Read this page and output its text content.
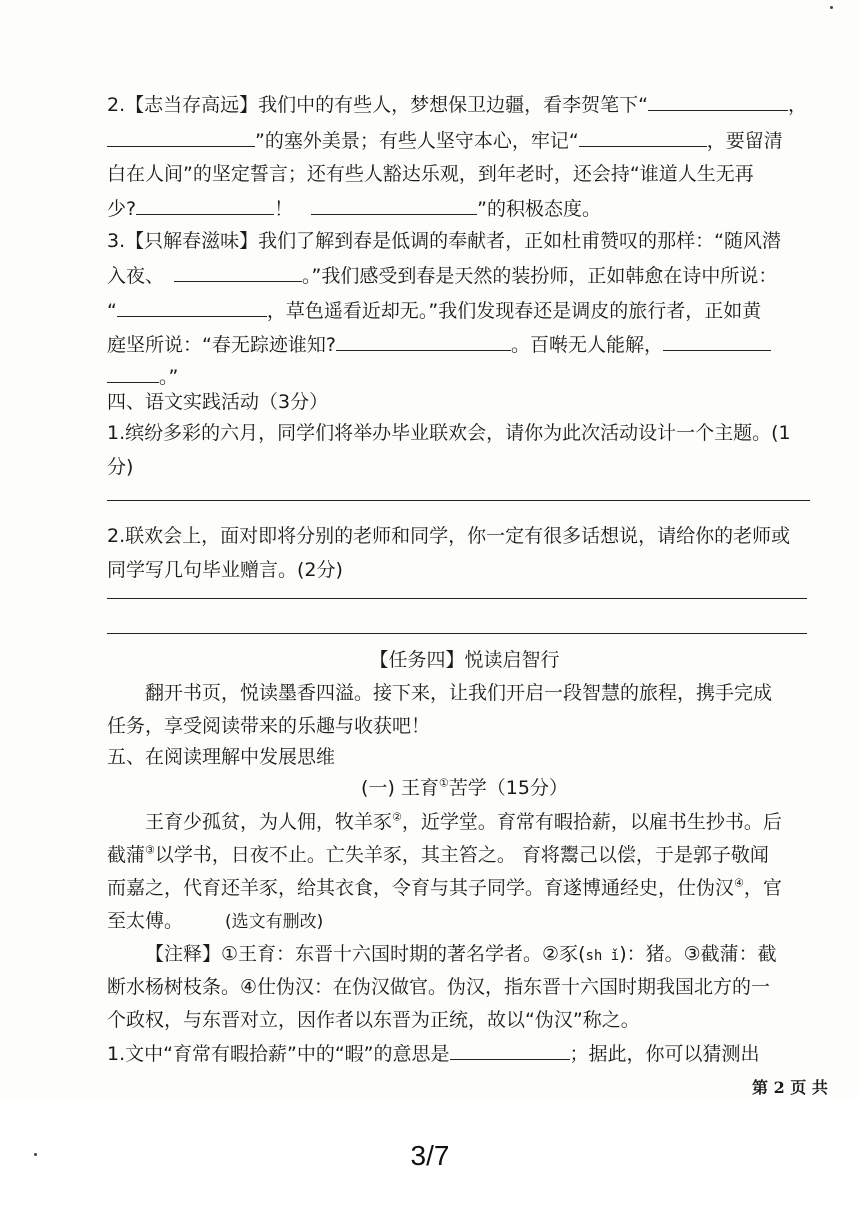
2.【志当存高远】我们中的有些人，梦想保卫边疆，看李贺笔下“	，
”的塞外美景；有些人坚守本心，牢记“	，要留清
白在人间”的坚定誓言；还有些人豁达乐观，到年老时，还会持“谁道人生无再
少?	！	”的积极态度。
3.【只解春滋味】我们了解到春是低调的奉献者，正如杜甫赞叹的那样：“随风潜
入夜、	。”我们感受到春是天然的装扮师，正如韩愈在诗中所说：
“	，草色遥看近却无。”我们发现春还是调皮的旅行者，正如黄
庭坚所说：“春无踪迹谁知?	。百啭无人能解，
。”
四、语文实践活动（3分）
1.缤纷多彩的六月，同学们将举办毕业联欢会，请你为此次活动设计一个主题。(1
分)
2.联欢会上，面对即将分别的老师和同学，你一定有很多话想说，请给你的老师或
同学写几句毕业赠言。(2分)
【任务四】悦读启智行
翻开书页，悦读墨香四溢。接下来，让我们开启一段智慧的旅程，携手完成
任务，享受阅读带来的乐趣与收获吧！
五、在阅读理解中发展思维
(一) 王育①苦学（15分）
王育少孤贫，为人佣，牧羊豕②，近学堂。育常有暇拾薪，以雇书生抄书。后
截蒲③以学书，日夜不止。亡失羊豕，其主笞之。 育将鬻己以偿，于是郭子敬闻
而嘉之，代育还羊豕，给其衣食，令育与其子同学。育遂博通经史，仕伪汉④，官
至太傅。 (选文有删改)
【注释】①王育：东晋十六国时期的著名学者。②豕(sh ǐ)：猪。③截蒲：截
断水杨树枝条。④仕伪汉：在伪汉做官。伪汉，指东晋十六国时期我国北方的一
个政权，与东晋对立，因作者以东晋为正统，故以“伪汉”称之。
1.文中“育常有暇拾薪”中的“暇”的意思是	；据此，你可以猜测出
第 2 页 共
3/7
